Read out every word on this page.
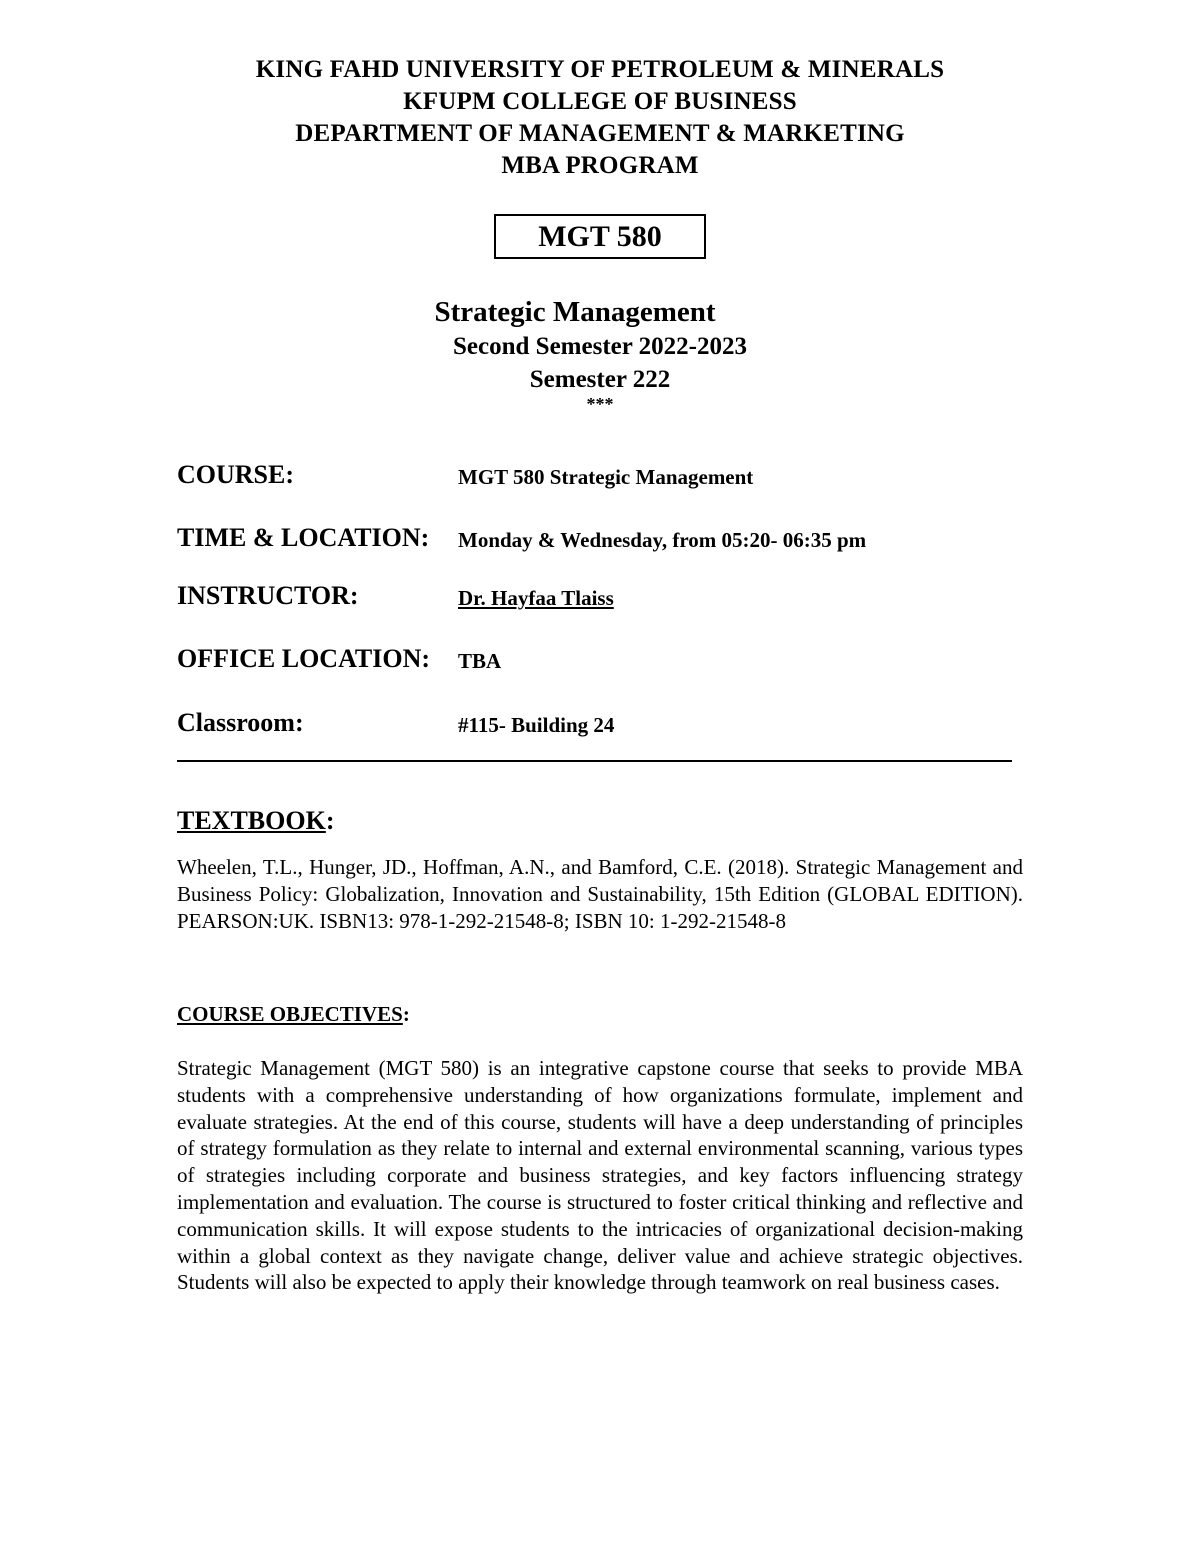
KING FAHD UNIVERSITY OF PETROLEUM & MINERALS
KFUPM COLLEGE OF BUSINESS
DEPARTMENT OF MANAGEMENT & MARKETING
MBA PROGRAM
MGT 580
Strategic Management
Second Semester 2022-2023
Semester 222
***
COURSE:	MGT 580 Strategic Management
TIME & LOCATION: Monday & Wednesday, from 05:20- 06:35 pm
INSTRUCTOR:	Dr. Hayfaa Tlaiss
OFFICE LOCATION: TBA
Classroom:	#115- Building 24
TEXTBOOK:

Wheelen, T.L., Hunger, JD., Hoffman, A.N., and Bamford, C.E. (2018). Strategic Management and Business Policy: Globalization, Innovation and Sustainability, 15th Edition (GLOBAL EDITION). PEARSON:UK. ISBN13: 978-1-292-21548-8; ISBN 10: 1-292-21548-8

COURSE OBJECTIVES:

Strategic Management (MGT 580) is an integrative capstone course that seeks to provide MBA students with a comprehensive understanding of how organizations formulate, implement and evaluate strategies. At the end of this course, students will have a deep understanding of principles of strategy formulation as they relate to internal and external environmental scanning, various types of strategies including corporate and business strategies, and key factors influencing strategy implementation and evaluation. The course is structured to foster critical thinking and reflective and communication skills. It will expose students to the intricacies of organizational decision-making within a global context as they navigate change, deliver value and achieve strategic objectives. Students will also be expected to apply their knowledge through teamwork on real business cases.
